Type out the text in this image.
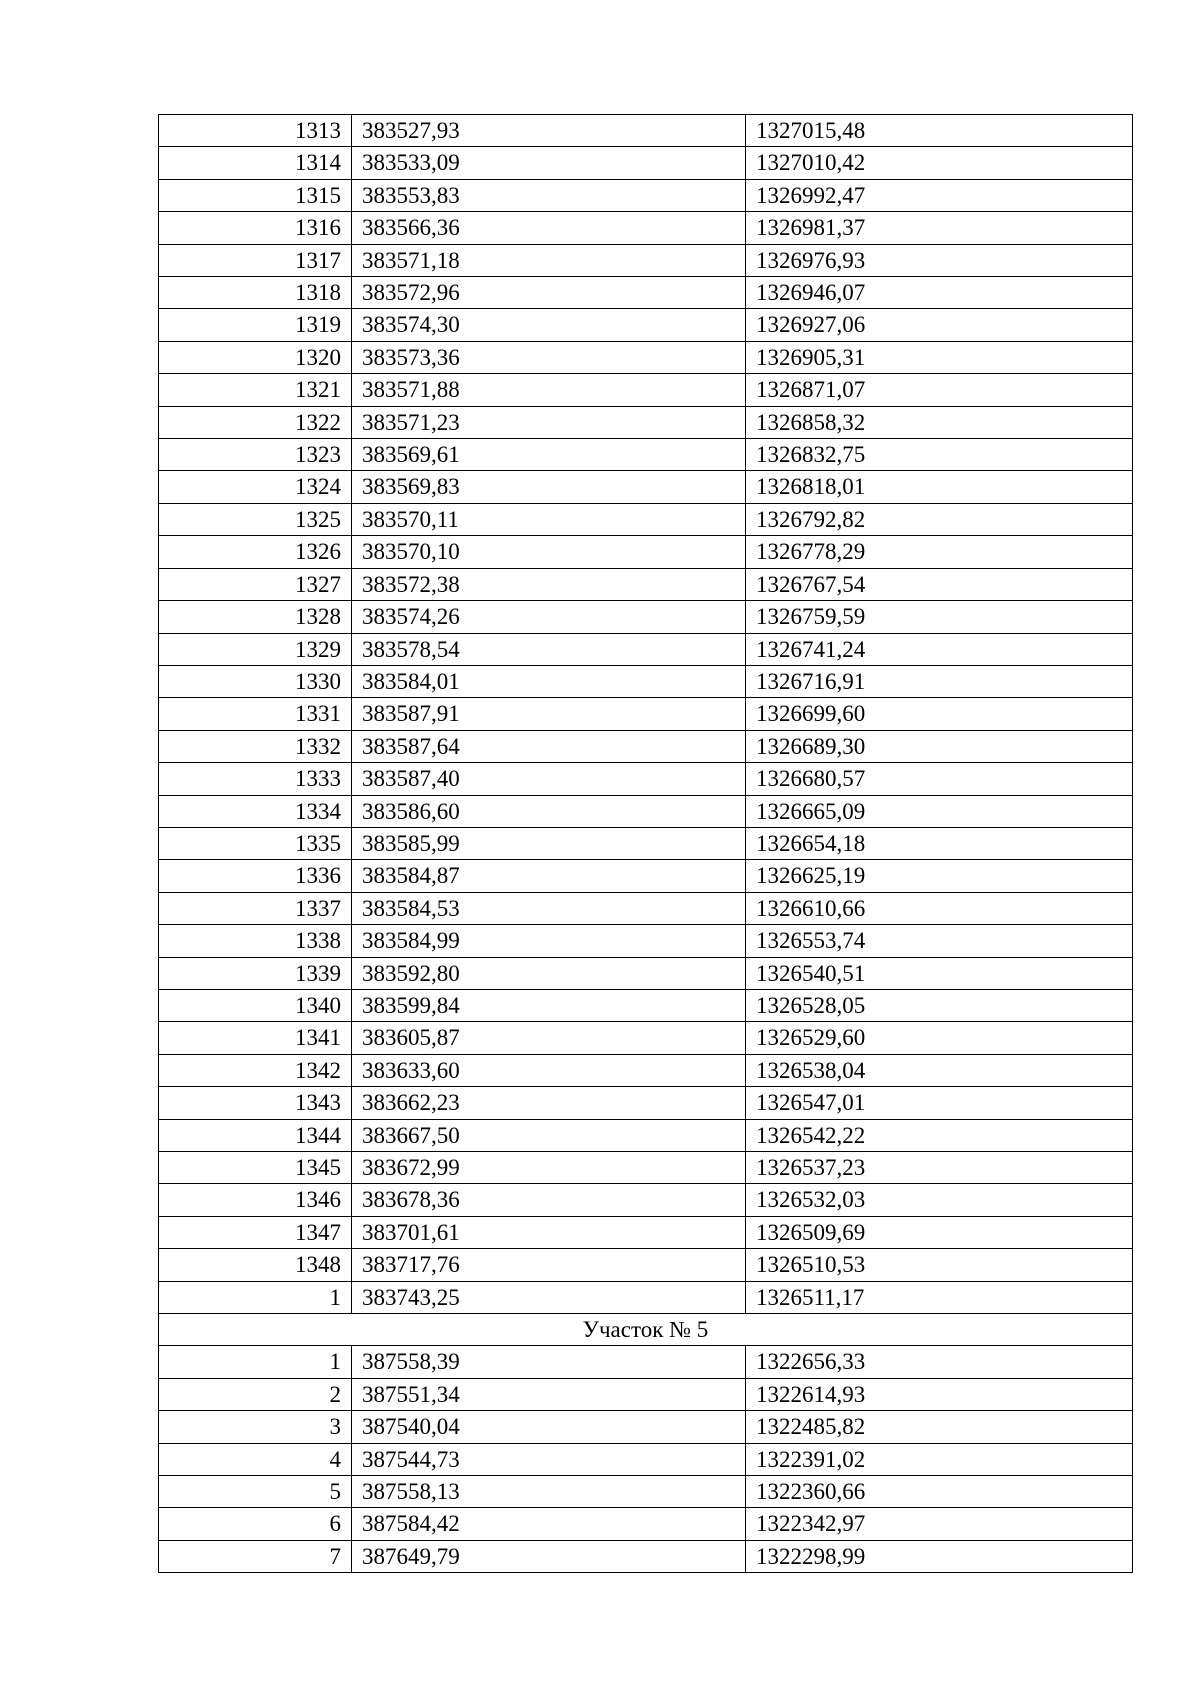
1313	383527,93	1327015,48
1314	383533,09	1327010,42
1315	383553,83	1326992,47
1316	383566,36	1326981,37
1317	383571,18	1326976,93
1318	383572,96	1326946,07
1319	383574,30	1326927,06
1320	383573,36	1326905,31
1321	383571,88	1326871,07
1322	383571,23	1326858,32
1323	383569,61	1326832,75
1324	383569,83	1326818,01
1325	383570,11	1326792,82
1326	383570,10	1326778,29
1327	383572,38	1326767,54
1328	383574,26	1326759,59
1329	383578,54	1326741,24
1330	383584,01	1326716,91
1331	383587,91	1326699,60
1332	383587,64	1326689,30
1333	383587,40	1326680,57
1334	383586,60	1326665,09
1335	383585,99	1326654,18
1336	383584,87	1326625,19
1337	383584,53	1326610,66
1338	383584,99	1326553,74
1339	383592,80	1326540,51
1340	383599,84	1326528,05
1341	383605,87	1326529,60
1342	383633,60	1326538,04
1343	383662,23	1326547,01
1344	383667,50	1326542,22
1345	383672,99	1326537,23
1346	383678,36	1326532,03
1347	383701,61	1326509,69
1348	383717,76	1326510,53
1	383743,25	1326511,17
Участок № 5		
1	387558,39	1322656,33
2	387551,34	1322614,93
3	387540,04	1322485,82
4	387544,73	1322391,02
5	387558,13	1322360,66
6	387584,42	1322342,97
7	387649,79	1322298,99
